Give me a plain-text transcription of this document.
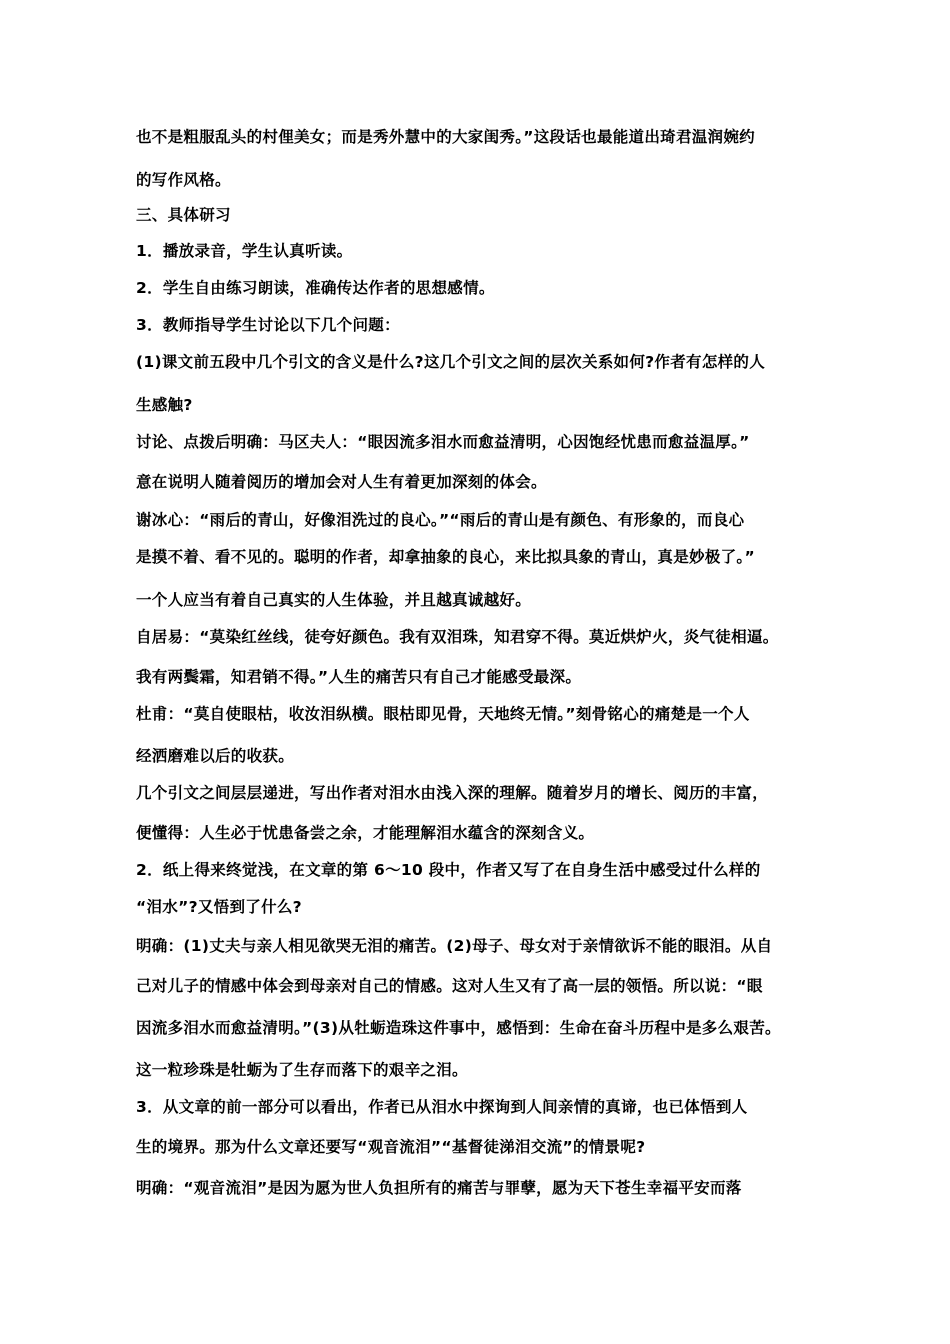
也不是粗服乱头的村俚美女；而是秀外慧中的大家闺秀。”这段话也最能道出琦君温润婉约
的写作风格。
三、具体研习
1．播放录音，学生认真听读。
2．学生自由练习朗读，准确传达作者的思想感情。
3．教师指导学生讨论以下几个问题：
(1)课文前五段中几个引文的含义是什么?这几个引文之间的层次关系如何?作者有怎样的人
生感触?
讨论、点拨后明确：马区夫人：“眼因流多泪水而愈益清明，心因饱经忧患而愈益温厚。”
意在说明人随着阅历的增加会对人生有着更加深刻的体会。
谢冰心：“雨后的青山，好像泪洗过的良心。”“雨后的青山是有颜色、有形象的，而良心
是摸不着、看不见的。聪明的作者，却拿抽象的良心，来比拟具象的青山，真是妙极了。”
一个人应当有着自己真实的人生体验，并且越真诚越好。
自居易：“莫染红丝线，徒夸好颜色。我有双泪珠，知君穿不得。莫近烘炉火，炎气徒相逼。
我有两鬓霜，知君销不得。”人生的痛苦只有自己才能感受最深。
杜甫：“莫自使眼枯，收汝泪纵横。眼枯即见骨，天地终无情。”刻骨铭心的痛楚是一个人
经洒磨难以后的收获。
几个引文之间层层递进，写出作者对泪水由浅入深的理解。随着岁月的增长、阅历的丰富，
便懂得：人生必于忧患备尝之余，才能理解泪水蕴含的深刻含义。
2．纸上得来终觉浅，在文章的第 6～10 段中，作者又写了在自身生活中感受过什么样的
“泪水”?又悟到了什么?
明确：(1)丈夫与亲人相见欲哭无泪的痛苦。(2)母子、母女对于亲情欲诉不能的眼泪。从自
己对儿子的情感中体会到母亲对自己的情感。这对人生又有了高一层的领悟。所以说：“眼
因流多泪水而愈益清明。”(3)从牡蛎造珠这件事中，感悟到：生命在奋斗历程中是多么艰苦。
这一粒珍珠是牡蛎为了生存而落下的艰辛之泪。
3．从文章的前一部分可以看出，作者已从泪水中探询到人间亲情的真谛，也已体悟到人
生的境界。那为什么文章还要写“观音流泪”“基督徒涕泪交流”的情景呢?
明确：“观音流泪”是因为愿为世人负担所有的痛苦与罪孽，愿为天下苍生幸福平安而落
